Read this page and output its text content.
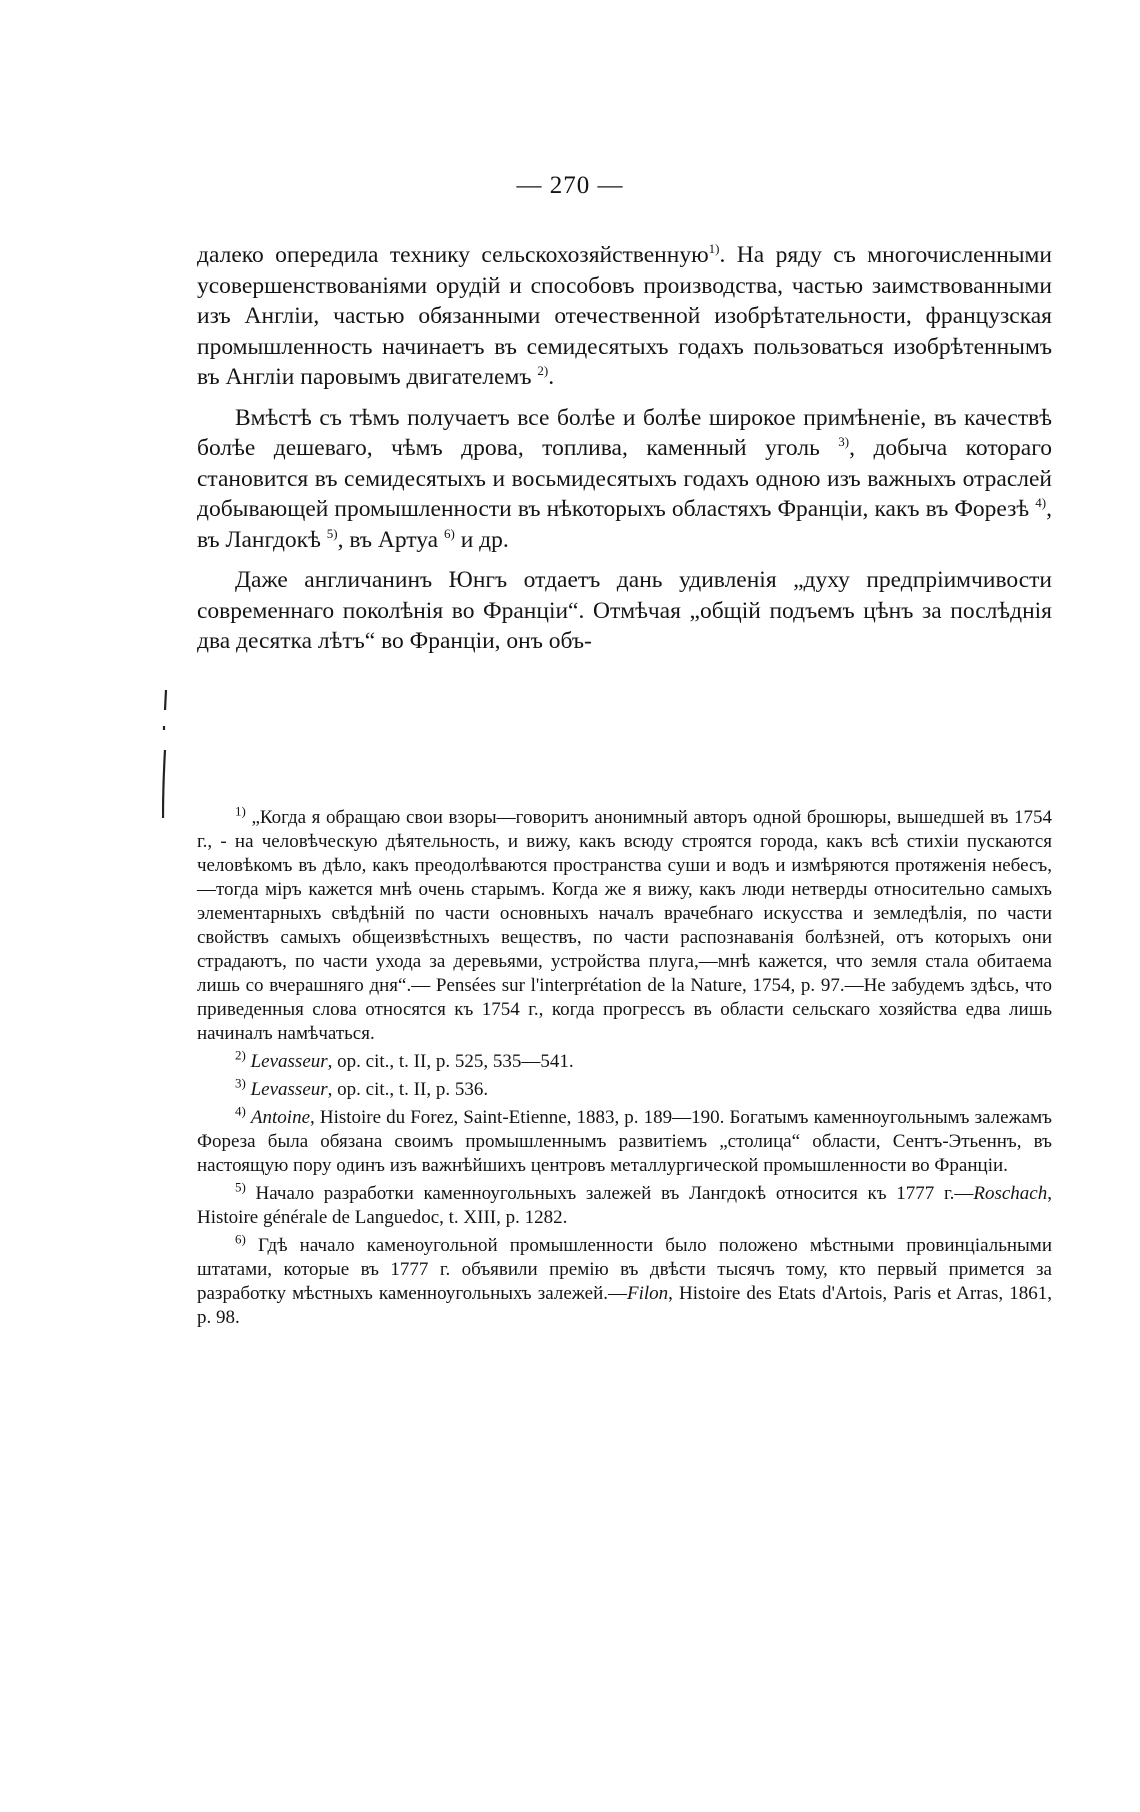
— 270 —

далеко опередила технику сельскохозяйственную$^{1)}$. На ряду съ многочисленными усовершенствованіями орудій и способовъ производства, частью заимствованными изъ Англіи, частью обязанными отечественной изобрѣтательности, французская промышленность начинаетъ въ семидесятыхъ годахъ пользоваться изобрѣтеннымъ въ Англіи паровымъ двигателемъ $^{2)}$.

Вмѣстѣ съ тѣмъ получаетъ все болѣе и болѣе широкое примѣненіе, въ качествѣ болѣе дешеваго, чѣмъ дрова, топлива, каменный уголь $^{3)}$, добыча котораго становится въ семидесятыхъ и восьмидесятыхъ годахъ одною изъ важныхъ отраслей добывающей промышленности въ нѣкоторыхъ областяхъ Франціи, какъ въ Форезѣ $^{4)}$, въ Лангдокѣ $^{5)}$, въ Артуа $^{6)}$ и др.

Даже англичанинъ Юнгъ отдаетъ дань удивленія „духу предпріимчивости современнаго поколѣнія во Франціи“. Отмѣчая „общій подъемъ цѣнъ за послѣднія два десятка лѣтъ“ во Франціи, онъ объ-

$^{1)}$ „Когда я обращаю свои взоры—говоритъ анонимный авторъ одной брошюры, вышедшей въ 1754 г., - на человѣческую дѣятельность, и вижу, какъ всюду строятся города, какъ всѣ стихіи пускаются человѣкомъ въ дѣло, какъ преодолѣваются пространства суши и водъ и измѣряются протяженія небесъ,—тогда міръ кажется мнѣ очень старымъ. Когда же я вижу, какъ люди нетверды относительно самыхъ элементарныхъ свѣдѣній по части основныхъ началъ врачебнаго искусства и земледѣлія, по части свойствъ самыхъ общеизвѣстныхъ веществъ, по части распознаванія болѣзней, отъ которыхъ они страдаютъ, по части ухода за деревьями, устройства плуга,—мнѣ кажется, что земля стала обитаема лишь со вчерашняго дня“.— Pensées sur l'interprétation de la Nature, 1754, p. 97.—Не забудемъ здѣсь, что приведенныя слова относятся къ 1754 г., когда прогрессъ въ области сельскаго хозяйства едва лишь начиналъ намѣчаться.

$^{2)}$ Levasseur, op. cit., t. II, p. 525, 535—541.

$^{3)}$ Levasseur, op. cit., t. II, p. 536.

$^{4)}$ Antoine, Histoire du Forez, Saint-Etienne, 1883, p. 189—190. Богатымъ каменноугольнымъ залежамъ Фореза была обязана своимъ промышленнымъ развитіемъ „столица“ области, Сентъ-Этьеннъ, въ настоящую пору одинъ изъ важнѣйшихъ центровъ металлургической промышленности во Франціи.

$^{5)}$ Начало разработки каменноугольныхъ залежей въ Лангдокѣ относится къ 1777 г.—Roschach, Histoire générale de Languedoc, t. XIII, p. 1282.

$^{6)}$ Гдѣ начало каменоугольной промышленности было положено мѣстными провинціальными штатами, которые въ 1777 г. объявили премію въ двѣсти тысячъ тому, кто первый примется за разработку мѣстныхъ каменноугольныхъ залежей.—Filon, Histoire des Etats d'Artois, Paris et Arras, 1861, p. 98.
